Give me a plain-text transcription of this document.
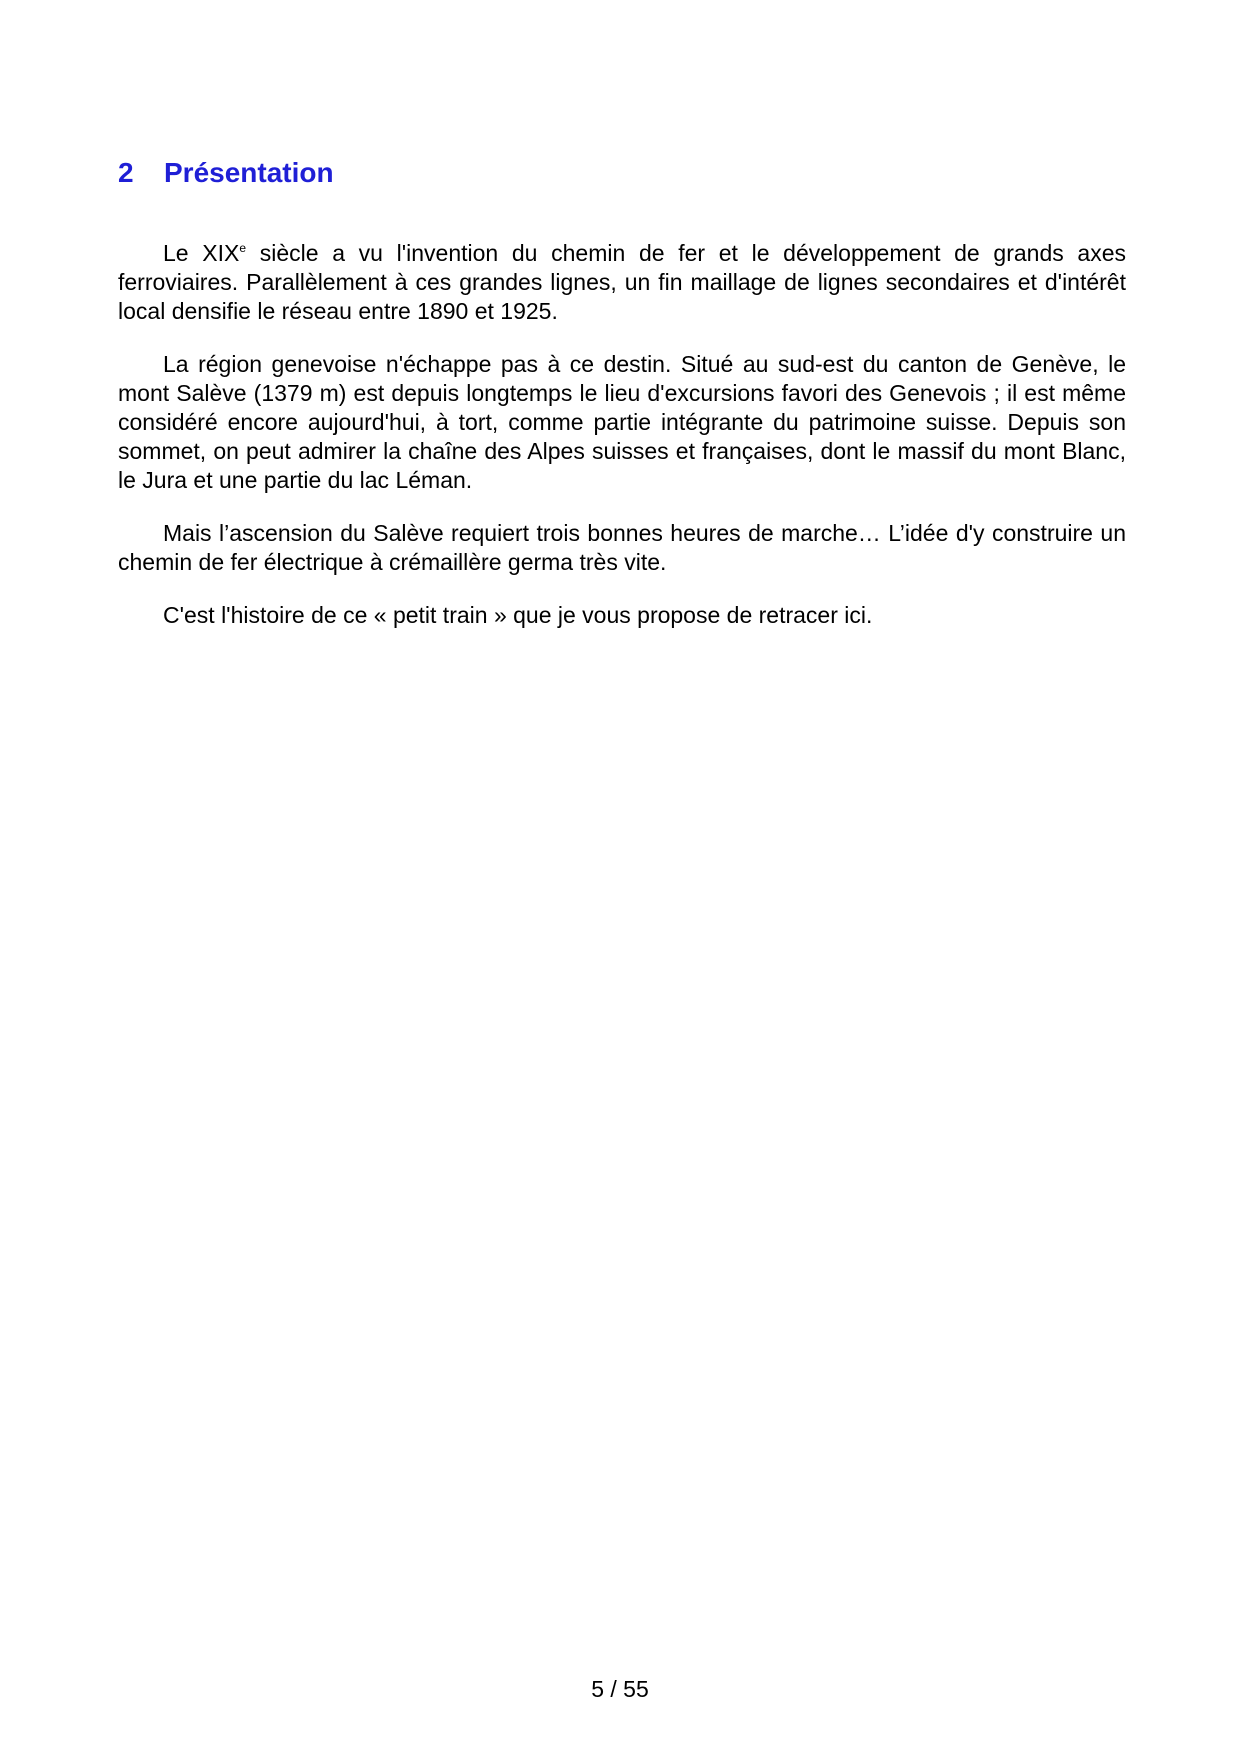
2 Présentation

Le XIXe siècle a vu l'invention du chemin de fer et le développement de grands axes ferroviaires. Parallèlement à ces grandes lignes, un fin maillage de lignes secondaires et d'intérêt local densifie le réseau entre 1890 et 1925.

La région genevoise n'échappe pas à ce destin. Situé au sud-est du canton de Genève, le mont Salève (1379 m) est depuis longtemps le lieu d'excursions favori des Genevois ; il est même considéré encore aujourd'hui, à tort, comme partie intégrante du patrimoine suisse. Depuis son sommet, on peut admirer la chaîne des Alpes suisses et françaises, dont le massif du mont Blanc, le Jura et une partie du lac Léman.

Mais l’ascension du Salève requiert trois bonnes heures de marche… L’idée d'y construire un chemin de fer électrique à crémaillère germa très vite.

C'est l'histoire de ce « petit train » que je vous propose de retracer ici.

5 / 55
